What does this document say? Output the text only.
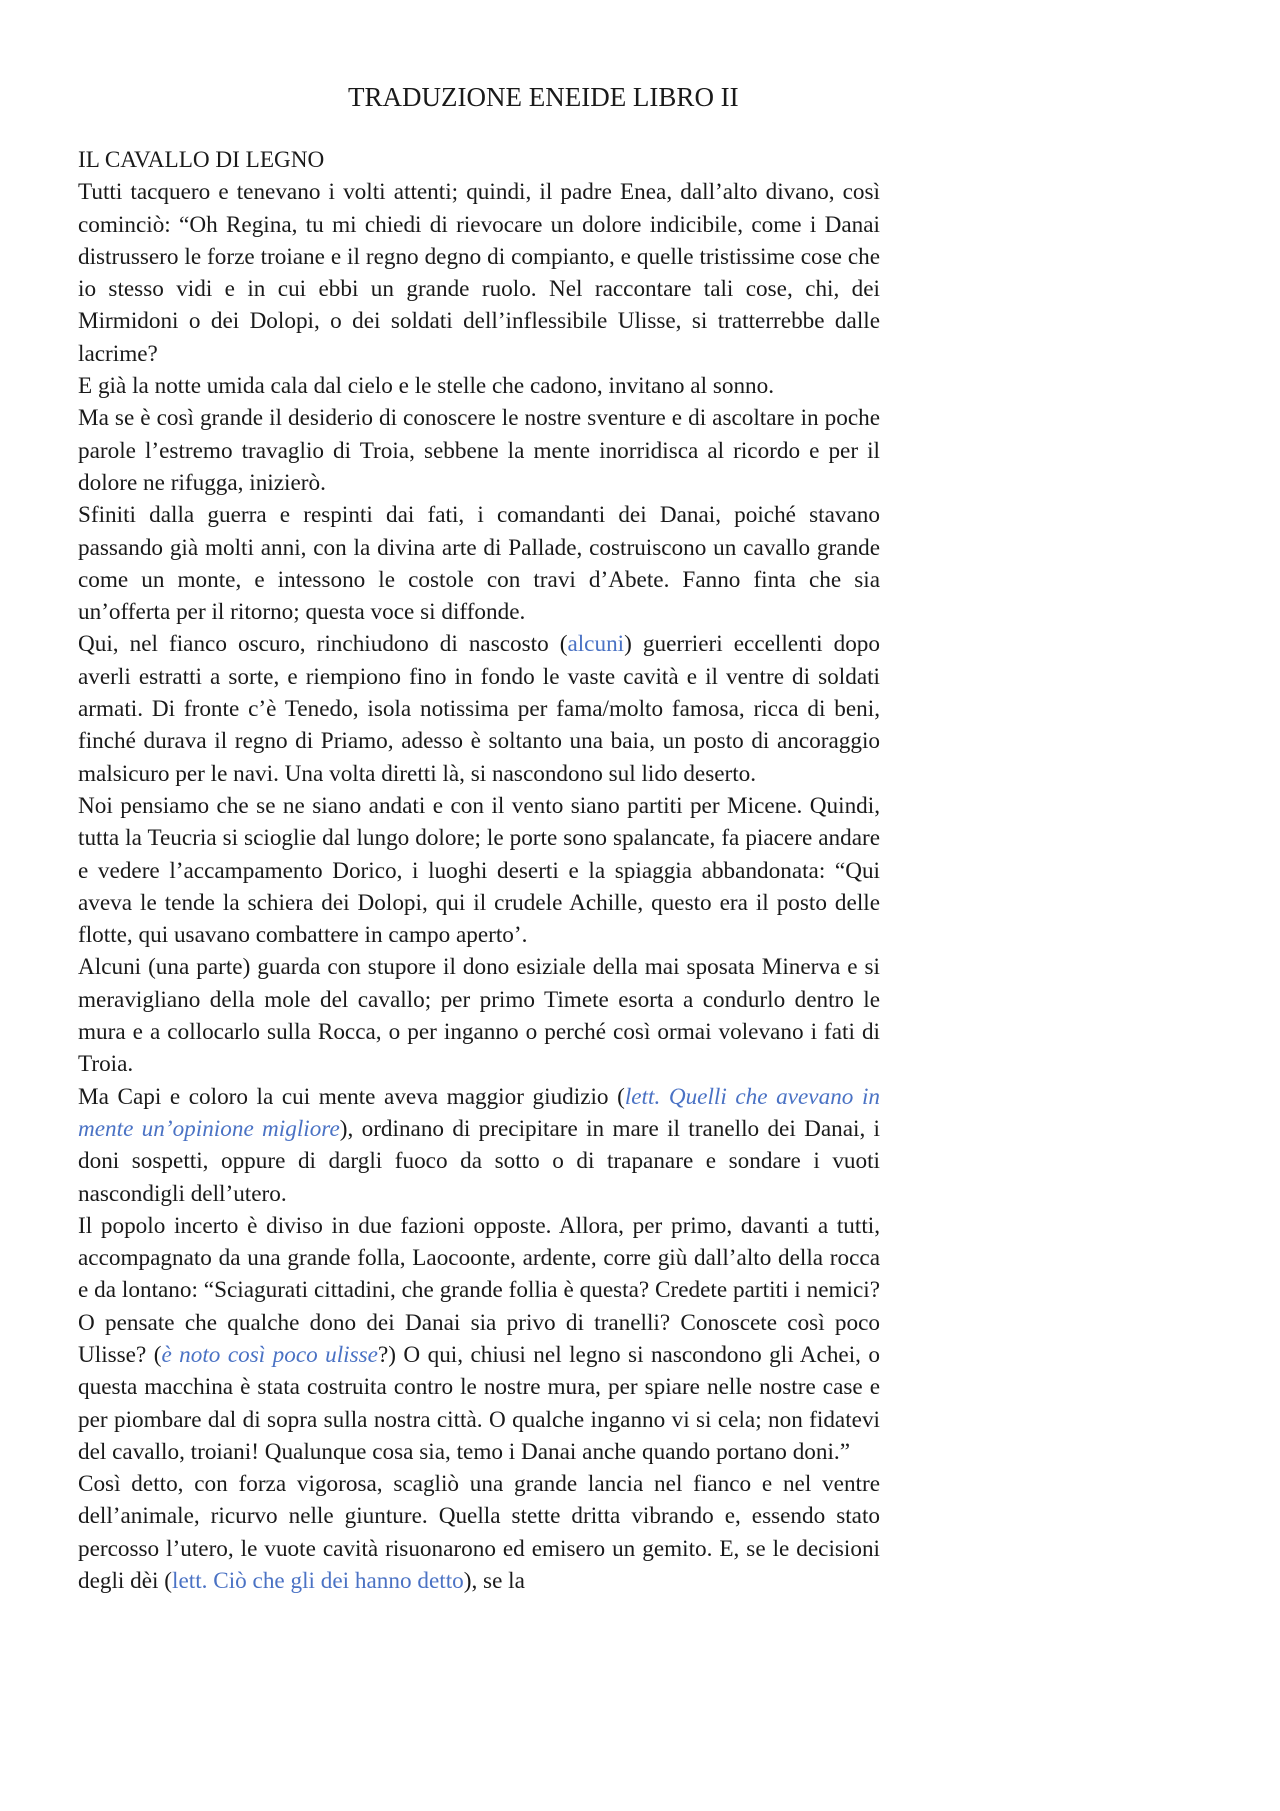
TRADUZIONE ENEIDE LIBRO II
IL CAVALLO DI LEGNO

Tutti tacquero e tenevano i volti attenti; quindi, il padre Enea, dall’alto divano, così cominciò: “Oh Regina, tu mi chiedi di rievocare un dolore indicibile, come i Danai distrussero le forze troiane e il regno degno di compianto, e quelle tristissime cose che io stesso vidi e in cui ebbi un grande ruolo. Nel raccontare tali cose, chi, dei Mirmidoni o dei Dolopi, o dei soldati dell’inflessibile Ulisse, si tratterrebbe dalle lacrime?

E già la notte umida cala dal cielo e le stelle che cadono, invitano al sonno.

Ma se è così grande il desiderio di conoscere le nostre sventure e di ascoltare in poche parole l’estremo travaglio di Troia, sebbene la mente inorridisca al ricordo e per il dolore ne rifugga, inizierò.

Sfiniti dalla guerra e respinti dai fati, i comandanti dei Danai, poiché stavano passando già molti anni, con la divina arte di Pallade, costruiscono un cavallo grande come un monte, e intessono le costole con travi d’Abete. Fanno finta che sia un’offerta per il ritorno; questa voce si diffonde.

Qui, nel fianco oscuro, rinchiudono di nascosto (alcuni) guerrieri eccellenti dopo averli estratti a sorte, e riempiono fino in fondo le vaste cavità e il ventre di soldati armati. Di fronte c’è Tenedo, isola notissima per fama/molto famosa, ricca di beni, finché durava il regno di Priamo, adesso è soltanto una baia, un posto di ancoraggio malsicuro per le navi. Una volta diretti là, si nascondono sul lido deserto.

Noi pensiamo che se ne siano andati e con il vento siano partiti per Micene. Quindi, tutta la Teucria si scioglie dal lungo dolore; le porte sono spalancate, fa piacere andare e vedere l’accampamento Dorico, i luoghi deserti e la spiaggia abbandonata: “Qui aveva le tende la schiera dei Dolopi, qui il crudele Achille, questo era il posto delle flotte, qui usavano combattere in campo aperto’.

Alcuni (una parte) guarda con stupore il dono esiziale della mai sposata Minerva e si meravigliano della mole del cavallo; per primo Timete esorta a condurlo dentro le mura e a collocarlo sulla Rocca, o per inganno o perché così ormai volevano i fati di Troia.

Ma Capi e coloro la cui mente aveva maggior giudizio (lett. Quelli che avevano in mente un’opinione migliore), ordinano di precipitare in mare il tranello dei Danai, i doni sospetti, oppure di dargli fuoco da sotto o di trapanare e sondare i vuoti nascondigli dell’utero.

Il popolo incerto è diviso in due fazioni opposte. Allora, per primo, davanti a tutti, accompagnato da una grande folla, Laocoonte, ardente, corre giù dall’alto della rocca e da lontano: “Sciagurati cittadini, che grande follia è questa? Credete partiti i nemici? O pensate che qualche dono dei Danai sia privo di tranelli? Conoscete così poco Ulisse? (è noto così poco ulisse?) O qui, chiusi nel legno si nascondono gli Achei, o questa macchina è stata costruita contro le nostre mura, per spiare nelle nostre case e per piombare dal di sopra sulla nostra città. O qualche inganno vi si cela; non fidatevi del cavallo, troiani! Qualunque cosa sia, temo i Danai anche quando portano doni.”

Così detto, con forza vigorosa, scagliò una grande lancia nel fianco e nel ventre dell’animale, ricurvo nelle giunture. Quella stette dritta vibrando e, essendo stato percosso l’utero, le vuote cavità risuonarono ed emisero un gemito. E, se le decisioni degli dèi (lett. Ciò che gli dei hanno detto), se la
